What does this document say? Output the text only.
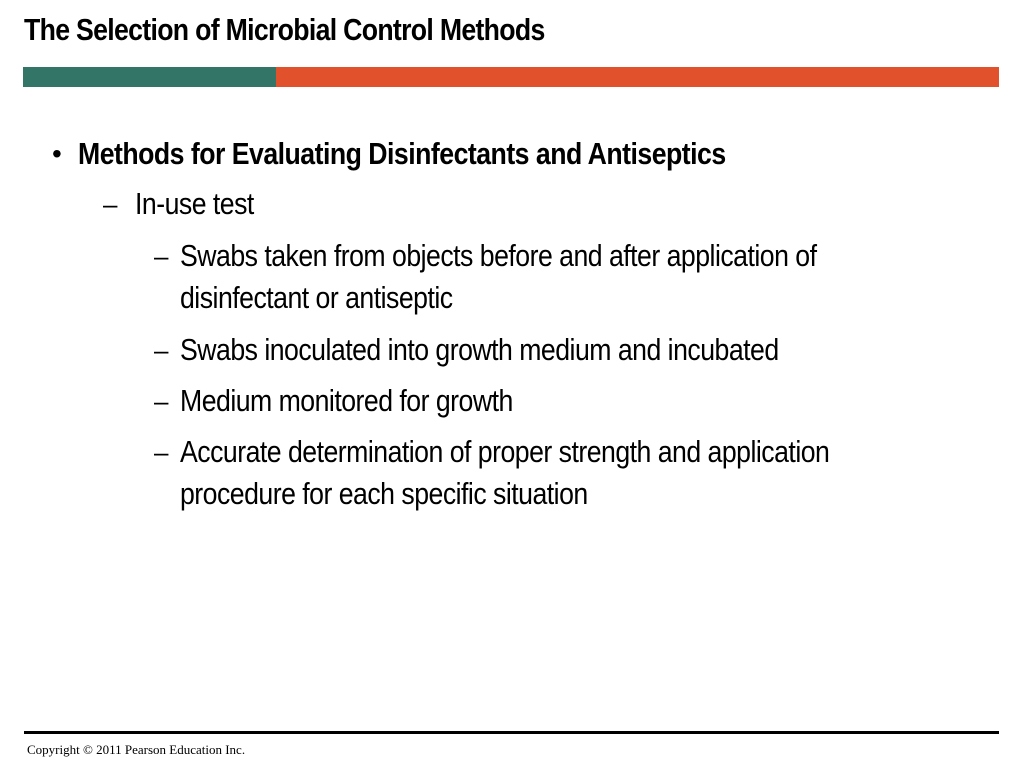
The Selection of Microbial Control Methods
• Methods for Evaluating Disinfectants and Antiseptics
– In-use test
– Swabs taken from objects before and after application of
disinfectant or antiseptic
– Swabs inoculated into growth medium and incubated
– Medium monitored for growth
– Accurate determination of proper strength and application
procedure for each specific situation

Copyright © 2011 Pearson Education Inc.
